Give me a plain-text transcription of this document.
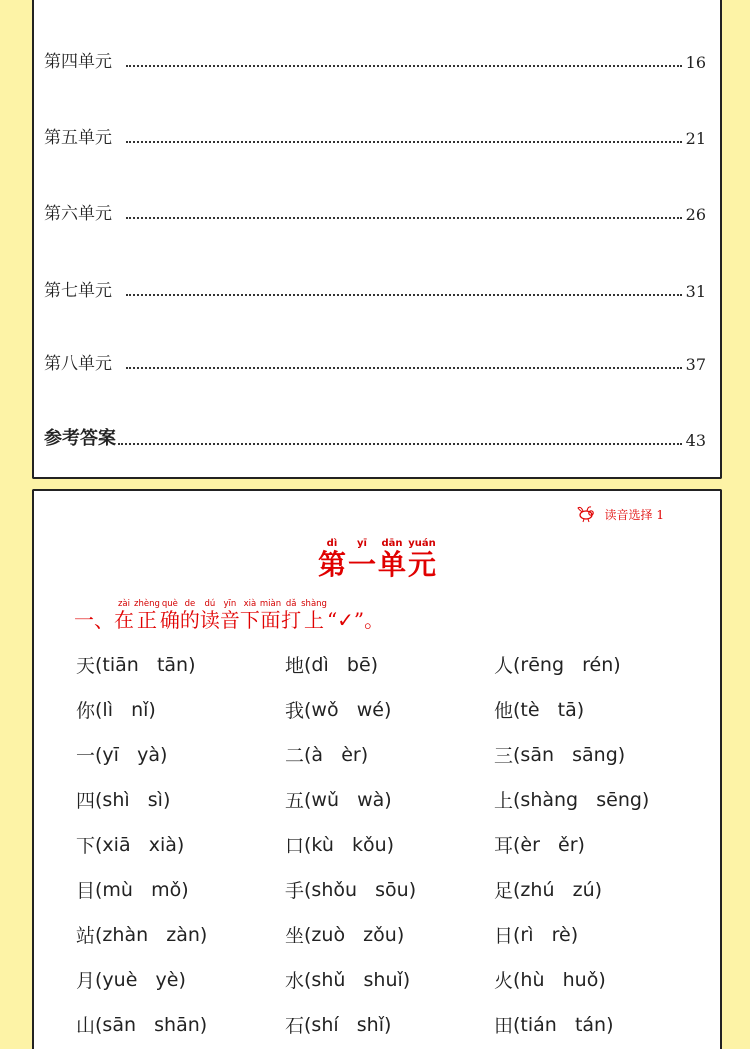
第四单元	16
第五单元	21
第六单元	26
第七单元	31
第八单元	37
参考答案	43
读音选择 1
dì
第
yī
一
dān
单
yuán
元
一、
zài
在
zhèng
正
què
确
de
的
dú
读
yīn
音
xià
下
miàn
面
dǎ
打
shàng
上 “✓”。
天 (tiān   tān)	地 (dì   bē)	人 (rēng   rén)
你 (lì   nǐ)	我 (wǒ   wé)	他 (tè   tā)
一 (yī   yà)	二 (à   èr)	三 (sān   sāng)
四 (shì   sì)	五 (wǔ   wà)	上 (shàng   sēng)
下 (xiā   xià)	口 (kù   kǒu)	耳 (èr   ěr)
目 (mù   mǒ)	手 (shǒu   sōu)	足 (zhú   zú)
站 (zhàn   zàn)	坐 (zuò   zǒu)	日 (rì   rè)
月 (yuè   yè)	水 (shǔ   shuǐ)	火 (hù   huǒ)
山 (sān   shān)	石 (shí   shǐ)	田 (tián   tán)
